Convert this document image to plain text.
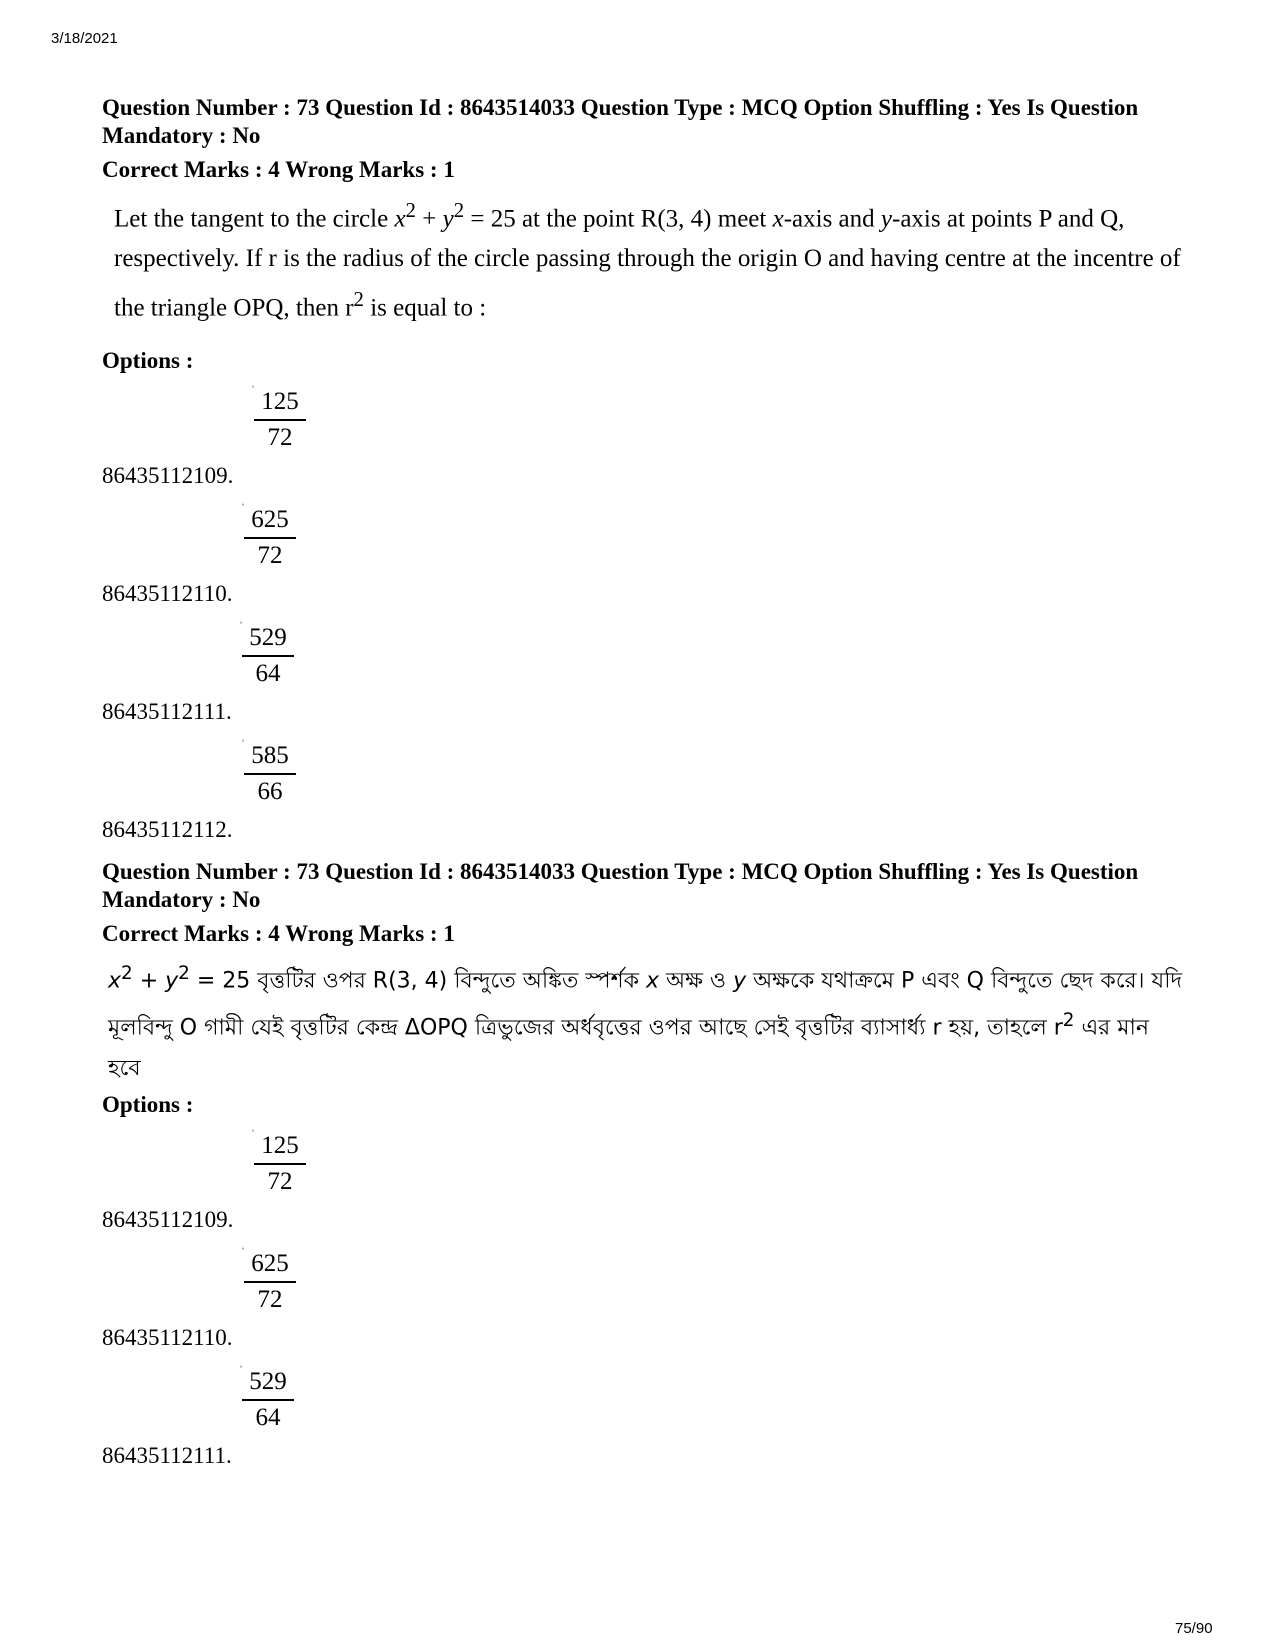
3/18/2021
Question Number : 73 Question Id : 8643514033 Question Type : MCQ Option Shuffling : Yes Is Question Mandatory : No
Correct Marks : 4 Wrong Marks : 1
Let the tangent to the circle $x^2 + y^2 = 25$ at the point R(3, 4) meet x-axis and y-axis at points P and Q, respectively. If r is the radius of the circle passing through the origin O and having centre at the incentre of the triangle OPQ, then $r^2$ is equal to :
Options :
ˈ 125
72
86435112109.
ˈ 625
72
86435112110.
ˈ 529
64
86435112111.
ˈ 585
66
86435112112.
Question Number : 73 Question Id : 8643514033 Question Type : MCQ Option Shuffling : Yes Is Question Mandatory : No
Correct Marks : 4 Wrong Marks : 1
$x^2 + y^2 = 25$ বৃত্তটির ওপর R(3, 4) বিন্দুতে অঙ্কিত স্পর্শক x অক্ষ ও y অক্ষকে যথাক্রমে P এবং Q বিন্দুতে ছেদ করে। যদি মূলবিন্দু O গামী যেই বৃত্তটির কেন্দ্র ΔOPQ ত্রিভুজের অর্ধবৃত্তের ওপর আছে সেই বৃত্তটির ব্যাসার্ধ্য r হয়, তাহলে $r^2$ এর মান হবে
Options :
ˈ 125
72
86435112109.
ˈ 625
72
86435112110.
ˈ 529
64
86435112111.
75/90
